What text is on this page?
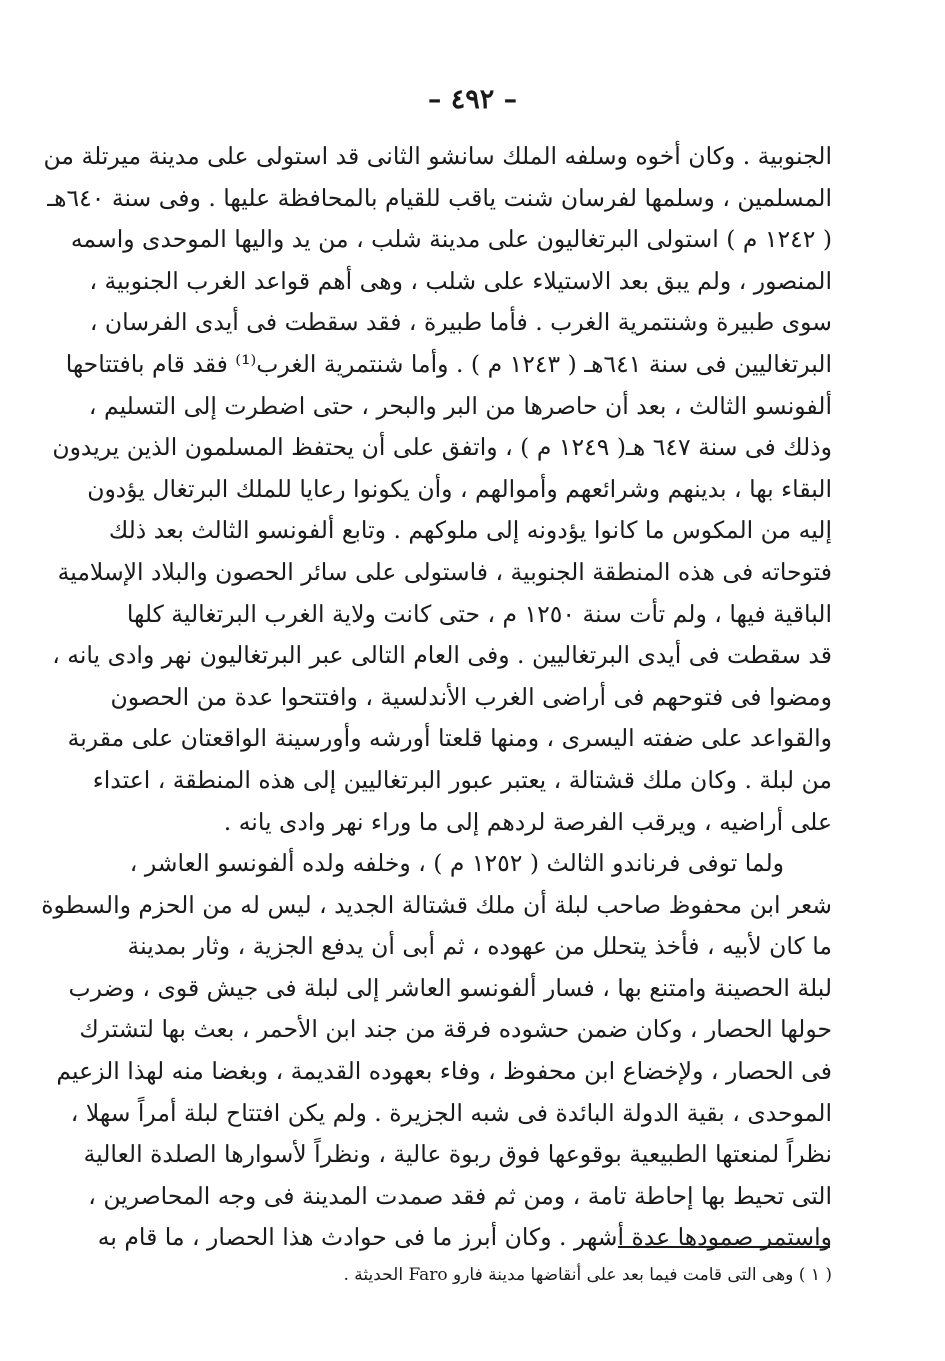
– ٤٩٢ –
الجنوبية . وكان أخوه وسلفه الملك سانشو الثانى قد استولى على مدينة ميرتلة من
المسلمين ، وسلمها لفرسان شنت ياقب للقيام بالمحافظة عليها . وفى سنة ٦٤٠هـ
( ١٢٤٢ م ) استولى البرتغاليون على مدينة شلب ، من يد واليها الموحدى واسمه
المنصور ، ولم يبق بعد الاستيلاء على شلب ، وهى أهم قواعد الغرب الجنوبية ،
سوى طبيرة وشنتمرية الغرب . فأما طبيرة ، فقد سقطت فى أيدى الفرسان ،
البرتغاليين فى سنة ٦٤١هـ ( ١٢٤٣ م ) . وأما شنتمرية الغرب⁽¹⁾ فقد قام بافتتاحها
ألفونسو الثالث ، بعد أن حاصرها من البر والبحر ، حتى اضطرت إلى التسليم ،
وذلك فى سنة ٦٤٧ هـ( ١٢٤٩ م ) ، واتفق على أن يحتفظ المسلمون الذين يريدون
البقاء بها ، بدينهم وشرائعهم وأموالهم ، وأن يكونوا رعايا للملك البرتغال يؤدون
إليه من المكوس ما كانوا يؤدونه إلى ملوكهم . وتابع ألفونسو الثالث بعد ذلك
فتوحاته فى هذه المنطقة الجنوبية ، فاستولى على سائر الحصون والبلاد الإسلامية
الباقية فيها ، ولم تأت سنة ١٢٥٠ م ، حتى كانت ولاية الغرب البرتغالية كلها
قد سقطت فى أيدى البرتغاليين . وفى العام التالى عبر البرتغاليون نهر وادى يانه ،
ومضوا فى فتوحهم فى أراضى الغرب الأندلسية ، وافتتحوا عدة من الحصون
والقواعد على ضفته اليسرى ، ومنها قلعتا أورشه وأورسينة الواقعتان على مقربة
من لبلة . وكان ملك قشتالة ، يعتبر عبور البرتغاليين إلى هذه المنطقة ، اعتداء
على أراضيه ، ويرقب الفرصة لردهم إلى ما وراء نهر وادى يانه .
ولما توفى فرناندو الثالث ( ١٢٥٢ م ) ، وخلفه ولده ألفونسو العاشر ،
شعر ابن محفوظ صاحب لبلة أن ملك قشتالة الجديد ، ليس له من الحزم والسطوة
ما كان لأبيه ، فأخذ يتحلل من عهوده ، ثم أبى أن يدفع الجزية ، وثار بمدينة
لبلة الحصينة وامتنع بها ، فسار ألفونسو العاشر إلى لبلة فى جيش قوى ، وضرب
حولها الحصار ، وكان ضمن حشوده فرقة من جند ابن الأحمر ، بعث بها لتشترك
فى الحصار ، ولإخضاع ابن محفوظ ، وفاء بعهوده القديمة ، وبغضا منه لهذا الزعيم
الموحدى ، بقية الدولة البائدة فى شبه الجزيرة . ولم يكن افتتاح لبلة أمراً سهلا ،
نظراً لمنعتها الطبيعية بوقوعها فوق ربوة عالية ، ونظراً لأسوارها الصلدة العالية
التى تحيط بها إحاطة تامة ، ومن ثم فقد صمدت المدينة فى وجه المحاصرين ،
واستمر صمودها عدة أشهر . وكان أبرز ما فى حوادث هذا الحصار ، ما قام به
( ١ ) وهى التى قامت فيما بعد على أنقاضها مدينة فارو Faro الحديثة .
